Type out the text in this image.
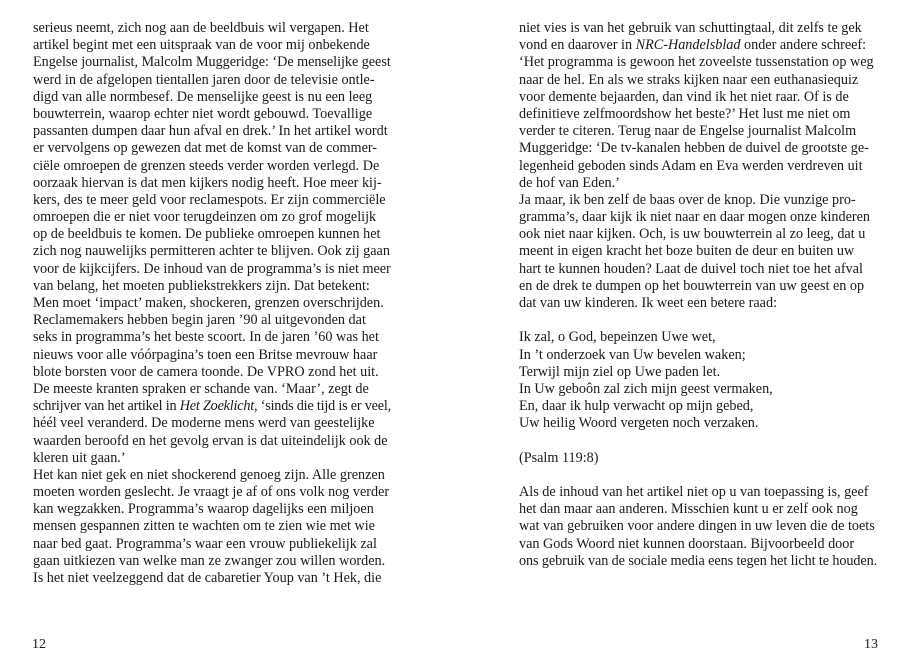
serieus neemt, zich nog aan de beeldbuis wil vergapen. Het
artikel begint met een uitspraak van de voor mij onbekende
Engelse journalist, Malcolm Muggeridge: ‘De menselijke geest
werd in de afgelopen tientallen jaren door de televisie ontle-
digd van alle normbesef. De menselijke geest is nu een leeg
bouwterrein, waarop echter niet wordt gebouwd. Toevallige
passanten dumpen daar hun afval en drek.’ In het artikel wordt
er vervolgens op gewezen dat met de komst van de commer-
ciële omroepen de grenzen steeds verder worden verlegd. De
oorzaak hiervan is dat men kijkers nodig heeft. Hoe meer kij-
kers, des te meer geld voor reclamespots. Er zijn commerciële
omroepen die er niet voor terugdeinzen om zo grof mogelijk
op de beeldbuis te komen. De publieke omroepen kunnen het
zich nog nauwelijks permitteren achter te blijven. Ook zij gaan
voor de kijkcijfers. De inhoud van de programma’s is niet meer
van belang, het moeten publiekstrekkers zijn. Dat betekent:
Men moet ‘impact’ maken, shockeren, grenzen overschrijden.
Reclamemakers hebben begin jaren ’90 al uitgevonden dat
seks in programma’s het beste scoort. In de jaren ’60 was het
nieuws voor alle vóórpagina’s toen een Britse mevrouw haar
blote borsten voor de camera toonde. De VPRO zond het uit.
De meeste kranten spraken er schande van. ‘Maar’, zegt de
schrijver van het artikel in Het Zoeklicht, ‘sinds die tijd is er veel,
héél veel veranderd. De moderne mens werd van geestelijke
waarden beroofd en het gevolg ervan is dat uiteindelijk ook de
kleren uit gaan.’
Het kan niet gek en niet shockerend genoeg zijn. Alle grenzen
moeten worden geslecht. Je vraagt je af of ons volk nog verder
kan wegzakken. Programma’s waarop dagelijks een miljoen
mensen gespannen zitten te wachten om te zien wie met wie
naar bed gaat. Programma’s waar een vrouw publiekelijk zal
gaan uitkiezen van welke man ze zwanger zou willen worden.
Is het niet veelzeggend dat de cabaretier Youp van ’t Hek, die
niet vies is van het gebruik van schuttingtaal, dit zelfs te gek
vond en daarover in NRC-Handelsblad onder andere schreef:
‘Het programma is gewoon het zoveelste tussenstation op weg
naar de hel. En als we straks kijken naar een euthanasiequiz
voor demente bejaarden, dan vind ik het niet raar. Of is de
definitieve zelfmoordshow het beste?’ Het lust me niet om
verder te citeren. Terug naar de Engelse journalist Malcolm
Muggeridge: ‘De tv-kanalen hebben de duivel de grootste ge-
legenheid geboden sinds Adam en Eva werden verdreven uit
de hof van Eden.’
Ja maar, ik ben zelf de baas over de knop. Die vunzige pro-
gramma’s, daar kijk ik niet naar en daar mogen onze kinderen
ook niet naar kijken. Och, is uw bouwterrein al zo leeg, dat u
meent in eigen kracht het boze buiten de deur en buiten uw
hart te kunnen houden? Laat de duivel toch niet toe het afval
en de drek te dumpen op het bouwterrein van uw geest en op
dat van uw kinderen. Ik weet een betere raad:
Ik zal, o God, bepeinzen Uwe wet,
In ’t onderzoek van Uw bevelen waken;
Terwijl mijn ziel op Uwe paden let.
In Uw geboôn zal zich mijn geest vermaken,
En, daar ik hulp verwacht op mijn gebed,
Uw heilig Woord vergeten noch verzaken.
(Psalm 119:8)
Als de inhoud van het artikel niet op u van toepassing is, geef
het dan maar aan anderen. Misschien kunt u er zelf ook nog
wat van gebruiken voor andere dingen in uw leven die de toets
van Gods Woord niet kunnen doorstaan. Bijvoorbeeld door
ons gebruik van de sociale media eens tegen het licht te houden.
12	13
